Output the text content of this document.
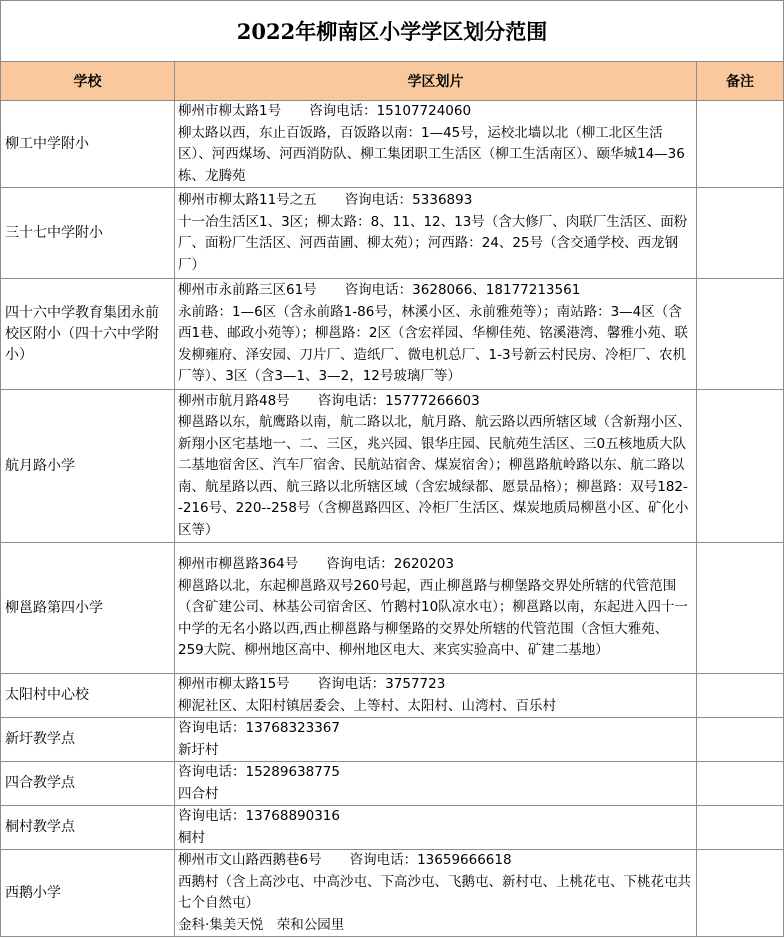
2022年柳南区小学学区划分范围		
学校	学区划片	备注
柳工中学附小	柳州市柳太路1号 咨询电话：15107724060
柳太路以西，东止百饭路，百饭路以南：1—45号，运校北墙以北（柳工北区生活区）、河西煤场、河西消防队、柳工集团职工生活区（柳工生活南区）、颐华城14—36栋、龙腾苑	

三十七中学附小	柳州市柳太路11号之五 咨询电话：5336893
十一冶生活区1、3区；柳太路：8、11、12、13号（含大修厂、肉联厂生活区、面粉厂、面粉厂生活区、河西苗圃、柳太苑）；河西路：24、25号（含交通学校、西龙钢厂）	

四十六中学教育集团永前校区附小（四十六中学附小）	柳州市永前路三区61号 咨询电话：3628066、18177213561
永前路：1—6区（含永前路1-86号，林溪小区、永前雅苑等）；南站路：3—4区（含西1巷、邮政小苑等）；柳邕路：2区（含宏祥园、华柳佳苑、铭溪港湾、馨雅小苑、联发柳雍府、泽安园、刀片厂、造纸厂、微电机总厂、1-3号新云村民房、冷柜厂、农机厂等）、3区（含3—1、3—2，12号玻璃厂等）	

航月路小学	柳州市航月路48号 咨询电话：15777266603
柳邕路以东，航鹰路以南，航二路以北，航月路、航云路以西所辖区域（含新翔小区、新翔小区宅基地一、二、三区，兆兴园、银华庄园、民航苑生活区、三0五核地质大队二基地宿舍区、汽车厂宿舍、民航站宿舍、煤炭宿舍）；柳邕路航岭路以东、航二路以南、航星路以西、航三路以北所辖区域（含宏城绿都、愿景品格）；柳邕路：双号182--216号、220--258号（含柳邕路四区、冷柜厂生活区、煤炭地质局柳邕小区、矿化小区等）	

柳邕路第四小学	柳州市柳邕路364号 咨询电话：2620203
柳邕路以北，东起柳邕路双号260号起，西止柳邕路与柳堡路交界处所辖的代管范围（含矿建公司、林基公司宿舍区、竹鹅村10队凉水屯）；柳邕路以南，东起进入四十一中学的无名小路以西,西止柳邕路与柳堡路的交界处所辖的代管范围（含恒大雅苑、259大院、柳州地区高中、柳州地区电大、来宾实验高中、矿建二基地）	

太阳村中心校	柳州市柳太路15号 咨询电话：3757723
柳泥社区、太阳村镇居委会、上等村、太阳村、山湾村、百乐村	

新圩教学点	咨询电话：13768323367
新圩村	

四合教学点	咨询电话：15289638775
四合村	

桐村教学点	咨询电话：13768890316
桐村	

西鹅小学	柳州市文山路西鹅巷6号 咨询电话：13659666618
西鹅村（含上高沙屯、中高沙屯、下高沙屯、飞鹅屯、新村屯、上桃花屯、下桃花屯共七个自然屯）
金科·集美天悦　荣和公园里	
